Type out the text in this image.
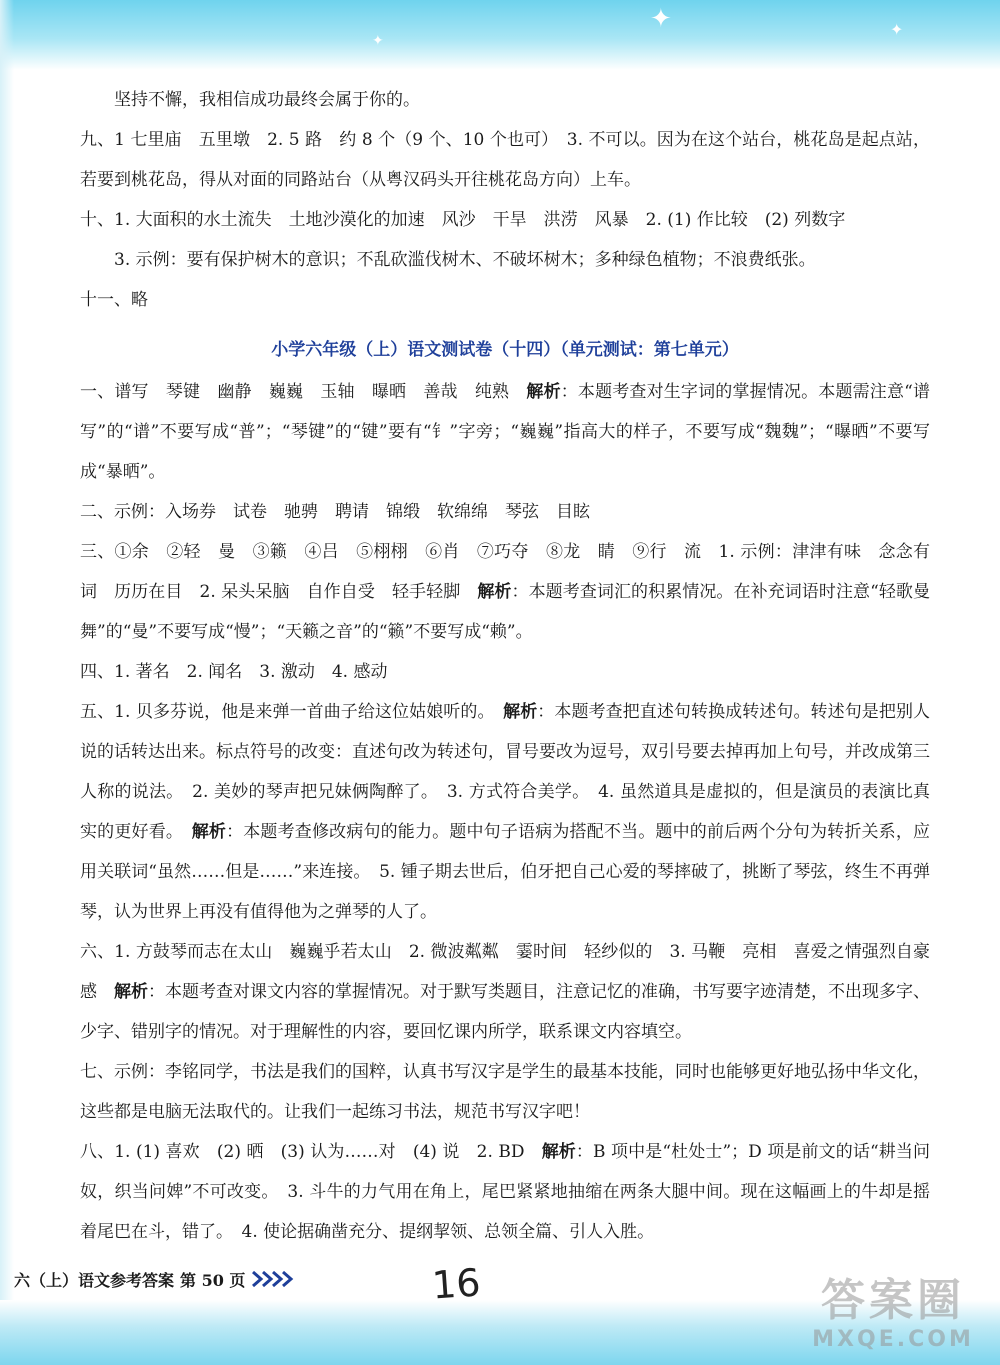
✦
✦
✦

坚持不懈，我相信成功最终会属于你的。

九、1 七里庙　五里墩　2. 5 路　约 8 个（9 个、10 个也可）　3. 不可以。因为在这个站台，桃花岛是起点站，若要到桃花岛，得从对面的同路站台（从粤汉码头开往桃花岛方向）上车。

十、1. 大面积的水土流失　土地沙漠化的加速　风沙　干旱　洪涝　风暴　2. (1) 作比较　(2) 列数字

3. 示例：要有保护树木的意识；不乱砍滥伐树木、不破坏树木；多种绿色植物；不浪费纸张。

十一、略

小学六年级（上）语文测试卷（十四）（单元测试：第七单元）

一、谱写　琴键　幽静　巍巍　玉轴　曝晒　善哉　纯熟　解析：本题考查对生字词的掌握情况。本题需注意“谱写”的“谱”不要写成“普”；“琴键”的“键”要有“钅”字旁；“巍巍”指高大的样子，不要写成“魏魏”；“曝晒”不要写成“暴晒”。

二、示例：入场券　试卷　驰骋　聘请　锦缎　软绵绵　琴弦　目眩

三、①余　②轻　曼　③籁　④吕　⑤栩栩　⑥肖　⑦巧夺　⑧龙　睛　⑨行　流　1. 示例：津津有味　念念有词　历历在目　2. 呆头呆脑　自作自受　轻手轻脚　解析：本题考查词汇的积累情况。在补充词语时注意“轻歌曼舞”的“曼”不要写成“慢”；“天籁之音”的“籁”不要写成“赖”。

四、1. 著名　2. 闻名　3. 激动　4. 感动

五、1. 贝多芬说，他是来弹一首曲子给这位姑娘听的。　解析：本题考查把直述句转换成转述句。转述句是把别人说的话转达出来。标点符号的改变：直述句改为转述句，冒号要改为逗号，双引号要去掉再加上句号，并改成第三人称的说法。　2. 美妙的琴声把兄妹俩陶醉了。　3. 方式符合美学。　4. 虽然道具是虚拟的，但是演员的表演比真实的更好看。　解析：本题考查修改病句的能力。题中句子语病为搭配不当。题中的前后两个分句为转折关系，应用关联词“虽然……但是……”来连接。　5. 锺子期去世后，伯牙把自己心爱的琴摔破了，挑断了琴弦，终生不再弹琴，认为世界上再没有值得他为之弹琴的人了。

六、1. 方鼓琴而志在太山　巍巍乎若太山　2. 微波粼粼　霎时间　轻纱似的　3. 马鞭　亮相　喜爱之情强烈自豪感　解析：本题考查对课文内容的掌握情况。对于默写类题目，注意记忆的准确，书写要字迹清楚，不出现多字、少字、错别字的情况。对于理解性的内容，要回忆课内所学，联系课文内容填空。

七、示例：李铭同学，书法是我们的国粹，认真书写汉字是学生的最基本技能，同时也能够更好地弘扬中华文化，这些都是电脑无法取代的。让我们一起练习书法，规范书写汉字吧！

八、1. (1) 喜欢　(2) 晒　(3) 认为……对　(4) 说　2. BD　解析：B 项中是“杜处士”；D 项是前文的话“耕当问奴，织当问婢”不可改变。　3. 斗牛的力气用在角上，尾巴紧紧地抽缩在两条大腿中间。现在这幅画上的牛却是摇着尾巴在斗，错了。　4. 使论据确凿充分、提纲挈领、总领全篇、引人入胜。

六（上）语文参考答案 第 50 页	16	答案圈
MXQE.COM
